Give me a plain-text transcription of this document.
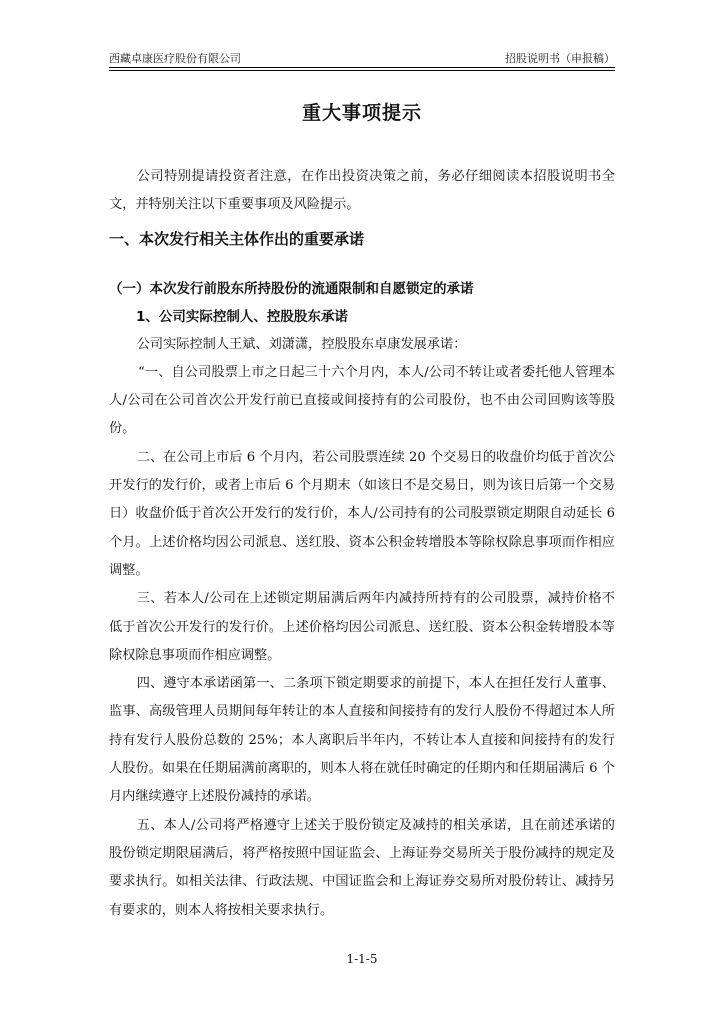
西藏卓康医疗股份有限公司	招股说明书（申报稿）
重大事项提示

公司特别提请投资者注意，在作出投资决策之前，务必仔细阅读本招股说明书全文，并特别关注以下重要事项及风险提示。

一、本次发行相关主体作出的重要承诺
（一）本次发行前股东所持股份的流通限制和自愿锁定的承诺
1、公司实际控制人、控股股东承诺

公司实际控制人王斌、刘潇潇，控股股东卓康发展承诺：

“一、自公司股票上市之日起三十六个月内，本人/公司不转让或者委托他人管理本人/公司在公司首次公开发行前已直接或间接持有的公司股份，也不由公司回购该等股份。

二、在公司上市后 6 个月内，若公司股票连续 20 个交易日的收盘价均低于首次公开发行的发行价，或者上市后 6 个月期末（如该日不是交易日，则为该日后第一个交易日）收盘价低于首次公开发行的发行价，本人/公司持有的公司股票锁定期限自动延长 6 个月。上述价格均因公司派息、送红股、资本公积金转增股本等除权除息事项而作相应调整。

三、若本人/公司在上述锁定期届满后两年内减持所持有的公司股票，减持价格不低于首次公开发行的发行价。上述价格均因公司派息、送红股、资本公积金转增股本等除权除息事项而作相应调整。

四、遵守本承诺函第一、二条项下锁定期要求的前提下，本人在担任发行人董事、监事、高级管理人员期间每年转让的本人直接和间接持有的发行人股份不得超过本人所持有发行人股份总数的 25%；本人离职后半年内，不转让本人直接和间接持有的发行人股份。如果在任期届满前离职的，则本人将在就任时确定的任期内和任期届满后 6 个月内继续遵守上述股份减持的承诺。

五、本人/公司将严格遵守上述关于股份锁定及减持的相关承诺，且在前述承诺的股份锁定期限届满后，将严格按照中国证监会、上海证券交易所关于股份减持的规定及要求执行。如相关法律、行政法规、中国证监会和上海证券交易所对股份转让、减持另有要求的，则本人将按相关要求执行。

1-1-5
